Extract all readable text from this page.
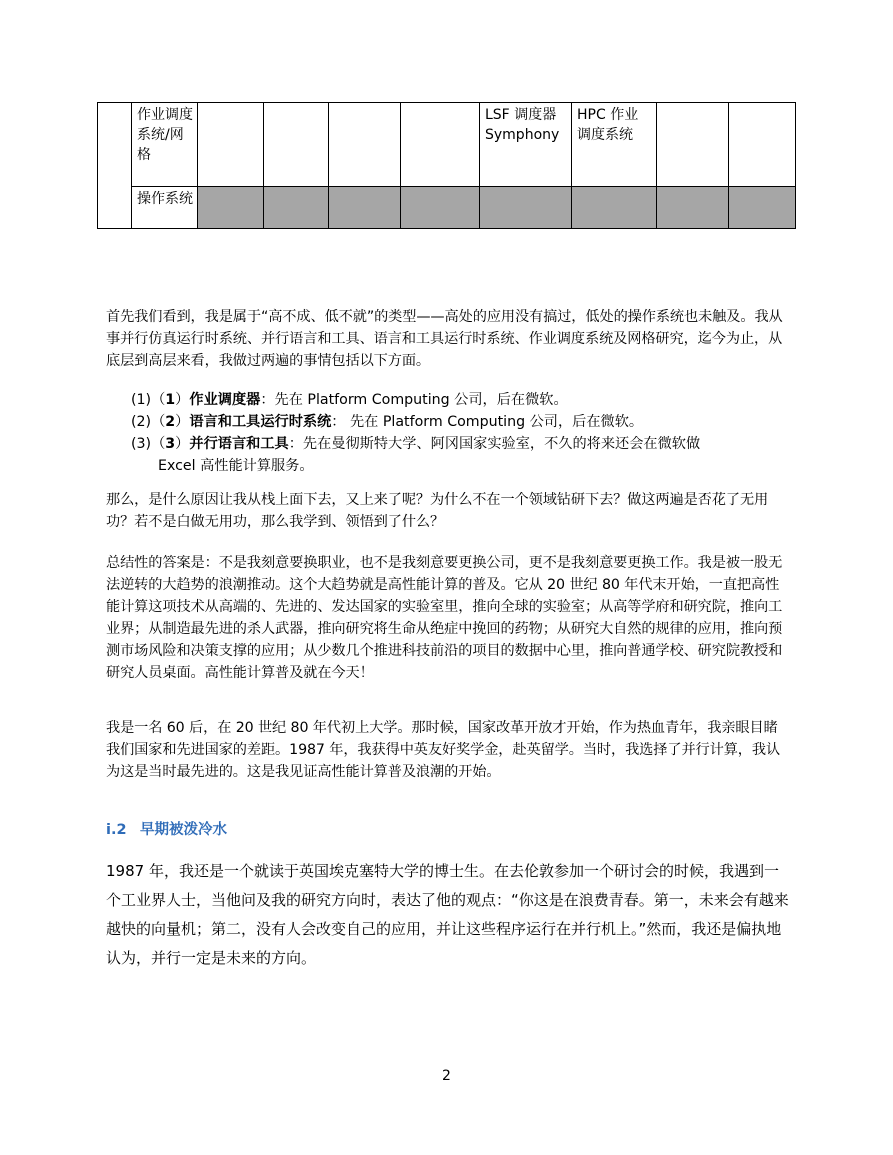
	作业调度系统/网格					LSF 调度器 Symphony	HPC 作业调度系统		
	操作系统								

首先我们看到，我是属于“高不成、低不就”的类型——高处的应用没有搞过，低处的操作系统也未触及。我从事并行仿真运行时系统、并行语言和工具、语言和工具运行时系统、作业调度系统及网格研究，迄今为止，从底层到高层来看，我做过两遍的事情包括以下方面。

(1)（1）作业调度器：先在 Platform Computing 公司，后在微软。
(2)（2）语言和工具运行时系统： 先在 Platform Computing 公司，后在微软。
(3)（3）并行语言和工具：先在曼彻斯特大学、阿冈国家实验室，不久的将来还会在微软做
Excel 高性能计算服务。

那么，是什么原因让我从栈上面下去，又上来了呢？为什么不在一个领域钻研下去？做这两遍是否花了无用功？若不是白做无用功，那么我学到、领悟到了什么？

总结性的答案是：不是我刻意要换职业，也不是我刻意要更换公司，更不是我刻意要更换工作。我是被一股无法逆转的大趋势的浪潮推动。这个大趋势就是高性能计算的普及。它从 20 世纪 80 年代末开始，一直把高性能计算这项技术从高端的、先进的、发达国家的实验室里，推向全球的实验室；从高等学府和研究院，推向工业界；从制造最先进的杀人武器，推向研究将生命从绝症中挽回的药物；从研究大自然的规律的应用，推向预测市场风险和决策支撑的应用；从少数几个推进科技前沿的项目的数据中心里，推向普通学校、研究院教授和研究人员桌面。高性能计算普及就在今天！

我是一名 60 后，在 20 世纪 80 年代初上大学。那时候，国家改革开放才开始，作为热血青年，我亲眼目睹我们国家和先进国家的差距。1987 年，我获得中英友好奖学金，赴英留学。当时，我选择了并行计算，我认为这是当时最先进的。这是我见证高性能计算普及浪潮的开始。

i.2 早期被泼冷水

1987 年，我还是一个就读于英国埃克塞特大学的博士生。在去伦敦参加一个研讨会的时候，我遇到一个工业界人士，当他问及我的研究方向时，表达了他的观点：“你这是在浪费青春。第一，未来会有越来越快的向量机；第二，没有人会改变自己的应用，并让这些程序运行在并行机上。”然而，我还是偏执地认为，并行一定是未来的方向。

2
